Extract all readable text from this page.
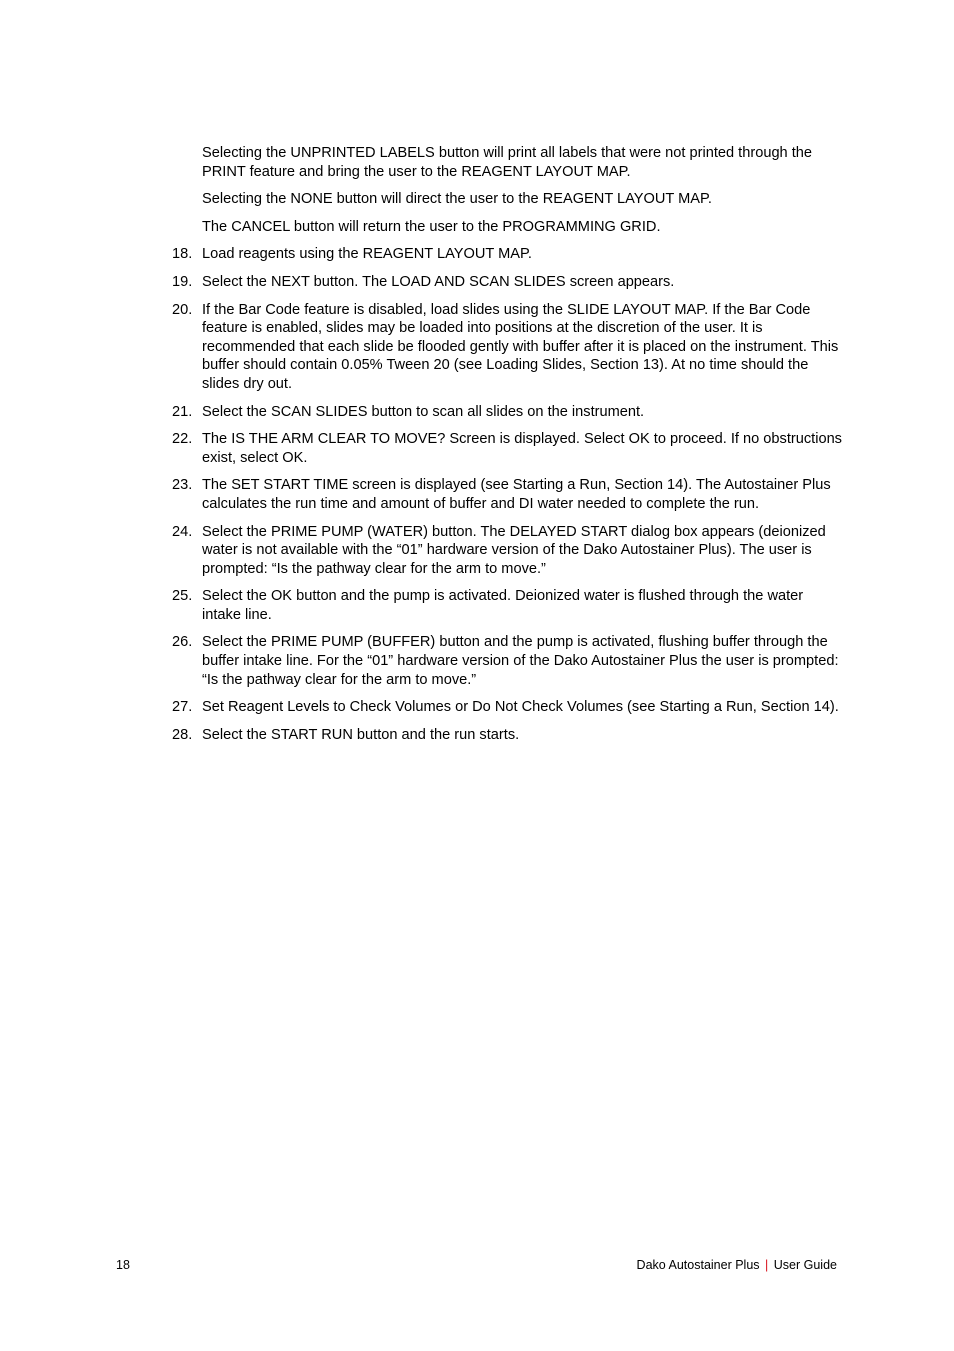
Selecting the UNPRINTED LABELS button will print all labels that were not printed through the PRINT feature and bring the user to the REAGENT LAYOUT MAP.

Selecting the NONE button will direct the user to the REAGENT LAYOUT MAP.

The CANCEL button will return the user to the PROGRAMMING GRID.

18. Load reagents using the REAGENT LAYOUT MAP.
19. Select the NEXT button. The LOAD AND SCAN SLIDES screen appears.
20. If the Bar Code feature is disabled, load slides using the SLIDE LAYOUT MAP. If the Bar Code feature is enabled, slides may be loaded into positions at the discretion of the user. It is recommended that each slide be flooded gently with buffer after it is placed on the instrument. This buffer should contain 0.05% Tween 20 (see Loading Slides, Section 13). At no time should the slides dry out.
21. Select the SCAN SLIDES button to scan all slides on the instrument.
22. The IS THE ARM CLEAR TO MOVE? Screen is displayed. Select OK to proceed. If no obstructions exist, select OK.
23. The SET START TIME screen is displayed (see Starting a Run, Section 14). The Autostainer Plus calculates the run time and amount of buffer and DI water needed to complete the run.
24. Select the PRIME PUMP (WATER) button. The DELAYED START dialog box appears (deionized water is not available with the “01” hardware version of the Dako Autostainer Plus). The user is prompted: “Is the pathway clear for the arm to move.”
25. Select the OK button and the pump is activated. Deionized water is flushed through the water intake line.
26. Select the PRIME PUMP (BUFFER) button and the pump is activated, flushing buffer through the buffer intake line. For the “01” hardware version of the Dako Autostainer Plus the user is prompted: “Is the pathway clear for the arm to move.”
27. Set Reagent Levels to Check Volumes or Do Not Check Volumes (see Starting a Run, Section 14).
28. Select the START RUN button and the run starts.
18	Dako Autostainer Plus | User Guide
